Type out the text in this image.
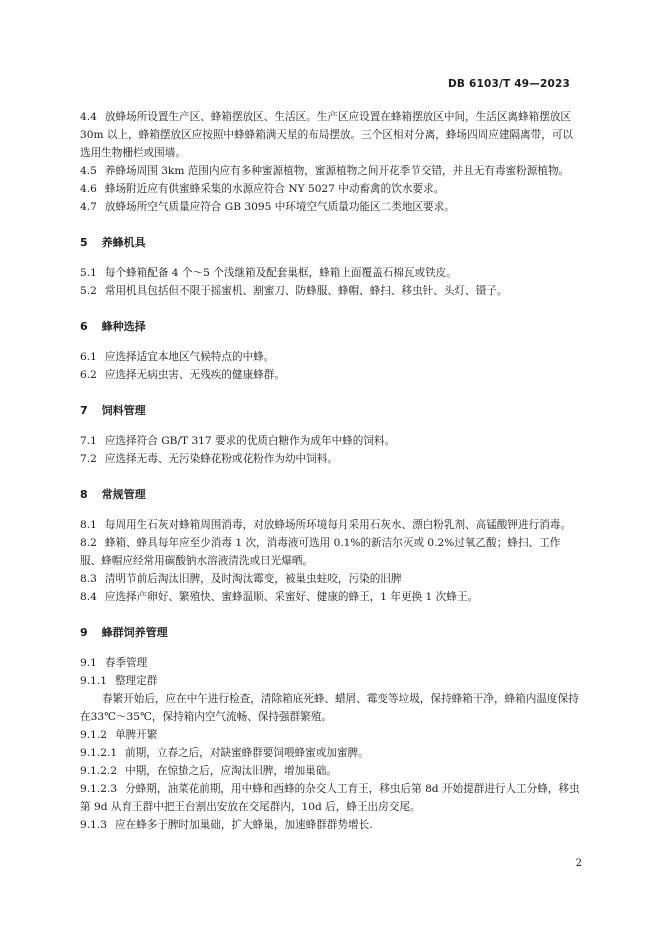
DB 6103/T 49—2023

4.4 放蜂场所设置生产区、蜂箱摆放区、生活区。生产区应设置在蜂箱摆放区中间，生活区离蜂箱摆放区 30m 以上，蜂箱摆放区应按照中蜂蜂箱满天星的布局摆放。三个区相对分离，蜂场四周应建隔离带，可以选用生物栅栏或围墙。

4.5 养蜂场周围 3km 范围内应有多种蜜源植物，蜜源植物之间开花季节交错，并且无有毒蜜粉源植物。

4.6 蜂场附近应有供蜜蜂采集的水源应符合 NY 5027 中动畜禽的饮水要求。

4.7 放蜂场所空气质量应符合 GB 3095 中环境空气质量功能区二类地区要求。

5 养蜂机具

5.1 每个蜂箱配备 4 个～5 个浅继箱及配套巢框，蜂箱上面覆盖石棉瓦或铁皮。

5.2 常用机具包括但不限于摇蜜机、割蜜刀、防蜂服、蜂帽、蜂扫、移虫针、头灯、镊子。

6 蜂种选择

6.1 应选择适宜本地区气候特点的中蜂。

6.2 应选择无病虫害、无残疾的健康蜂群。

7 饲料管理

7.1 应选择符合 GB/T 317 要求的优质白糖作为成年中蜂的饲料。

7.2 应选择无毒、无污染蜂花粉或花粉作为幼中饲料。

8 常规管理

8.1 每周用生石灰对蜂箱周围消毒，对放蜂场所环境每月采用石灰水、漂白粉乳剂、高锰酸钾进行消毒。

8.2 蜂箱、蜂具每年应至少消毒 1 次，消毒液可选用 0.1%的新洁尔灭或 0.2%过氧乙酸；蜂扫、工作服、蜂帽应经常用碳酸钠水溶液清洗或日光爆晒。

8.3 清明节前后淘汰旧脾，及时淘汰霉变，被巢虫蛀咬，污染的旧脾

8.4 应选择产卵好、繁殖快、蜜蜂温顺、采蜜好、健康的蜂王，1 年更换 1 次蜂王。

9 蜂群饲养管理

9.1 春季管理

9.1.1 整理定群

春繁开始后，应在中午进行检查，清除箱底死蜂、蜡屑、霉变等垃圾，保持蜂箱干净，蜂箱内温度保持在33℃～35℃，保持箱内空气流畅、保持强群繁殖。

9.1.2 单脾开繁

9.1.2.1 前期，立春之后，对缺蜜蜂群要饲喂蜂蜜或加蜜脾。

9.1.2.2 中期，在惊蛰之后，应淘汰旧脾，增加巢础。

9.1.2.3 分蜂期，油菜花前期，用中蜂和西蜂的杂交人工育王，移虫后第 8d 开始提群进行人工分蜂，移虫第 9d 从育王群中把王台割出安放在交尾群内，10d 后，蜂王出房交尾。

9.1.3 应在蜂多于脾时加巢础，扩大蜂巢，加速蜂群群势增长.

2
